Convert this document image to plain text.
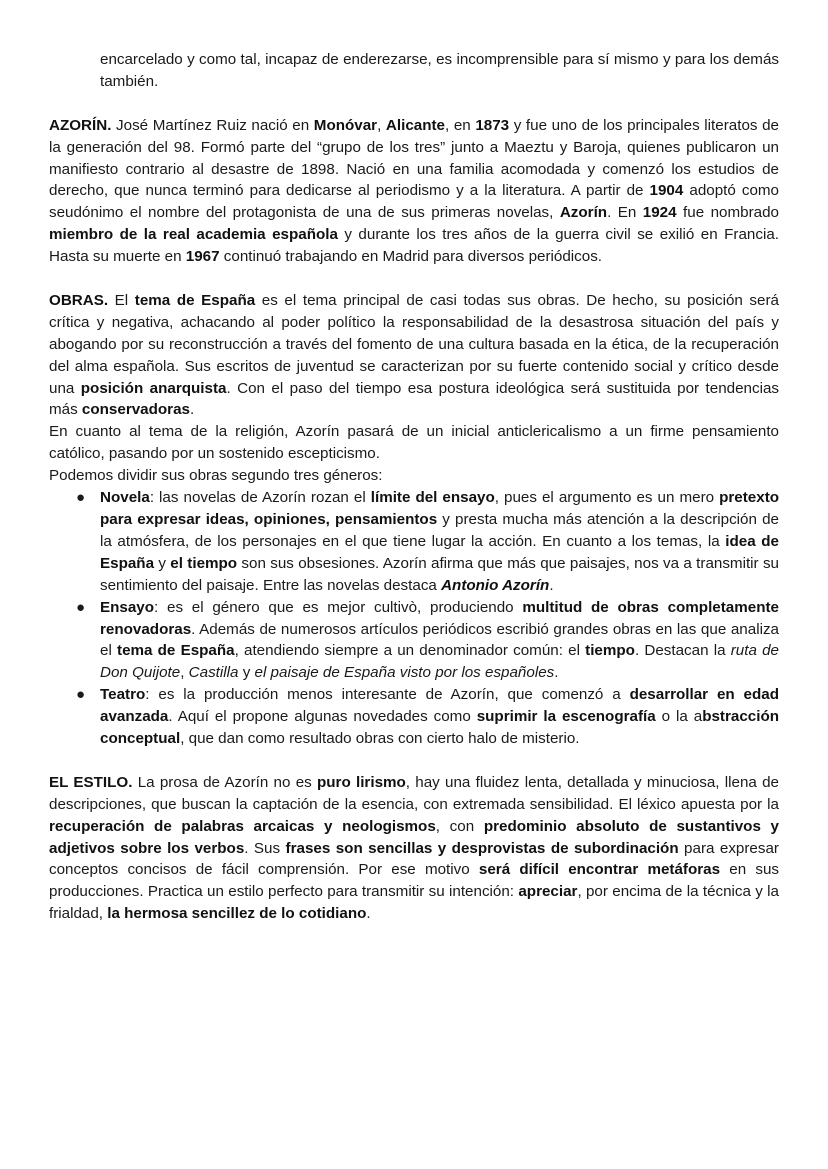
encarcelado y como tal, incapaz de enderezarse, es incomprensible para sí mismo y para los demás también.

AZORÍN. José Martínez Ruiz nació en Monóvar, Alicante, en 1873 y fue uno de los principales literatos de la generación del 98. Formó parte del “grupo de los tres” junto a Maeztu y Baroja, quienes publicaron un manifiesto contrario al desastre de 1898. Nació en una familia acomodada y comenzó los estudios de derecho, que nunca terminó para dedicarse al periodismo y a la literatura. A partir de 1904 adoptó como seudónimo el nombre del protagonista de una de sus primeras novelas, Azorín. En 1924 fue nombrado miembro de la real academia española y durante los tres años de la guerra civil se exilió en Francia. Hasta su muerte en 1967 continuó trabajando en Madrid para diversos periódicos.

OBRAS. El tema de España es el tema principal de casi todas sus obras. De hecho, su posición será crítica y negativa, achacando al poder político la responsabilidad de la desastrosa situación del país y abogando por su reconstrucción a través del fomento de una cultura basada en la ética, de la recuperación del alma española. Sus escritos de juventud se caracterizan por su fuerte contenido social y crítico desde una posición anarquista. Con el paso del tiempo esa postura ideológica será sustituida por tendencias más conservadoras.

En cuanto al tema de la religión, Azorín pasará de un inicial anticlericalismo a un firme pensamiento católico, pasando por un sostenido escepticismo.

Podemos dividir sus obras segundo tres géneros:

● Novela: las novelas de Azorín rozan el límite del ensayo, pues el argumento es un mero pretexto para expresar ideas, opiniones, pensamientos y presta mucha más atención a la descripción de la atmósfera, de los personajes en el que tiene lugar la acción. En cuanto a los temas, la idea de España y el tiempo son sus obsesiones. Azorín afirma que más que paisajes, nos va a transmitir su sentimiento del paisaje. Entre las novelas destaca Antonio Azorín.
● Ensayo: es el género que es mejor cultivò, produciendo multitud de obras completamente renovadoras. Además de numerosos artículos periódicos escribió grandes obras en las que analiza el tema de España, atendiendo siempre a un denominador común: el tiempo. Destacan la ruta de Don Quijote, Castilla y el paisaje de España visto por los españoles.
● Teatro: es la producción menos interesante de Azorín, que comenzó a desarrollar en edad avanzada. Aquí el propone algunas novedades como suprimir la escenografía o la abstracción conceptual, que dan como resultado obras con cierto halo de misterio.

EL ESTILO. La prosa de Azorín no es puro lirismo, hay una fluidez lenta, detallada y minuciosa, llena de descripciones, que buscan la captación de la esencia, con extremada sensibilidad. El léxico apuesta por la recuperación de palabras arcaicas y neologismos, con predominio absoluto de sustantivos y adjetivos sobre los verbos. Sus frases son sencillas y desprovistas de subordinación para expresar conceptos concisos de fácil comprensión. Por ese motivo será difícil encontrar metáforas en sus producciones. Practica un estilo perfecto para transmitir su intención: apreciar, por encima de la técnica y la frialdad, la hermosa sencillez de lo cotidiano.
